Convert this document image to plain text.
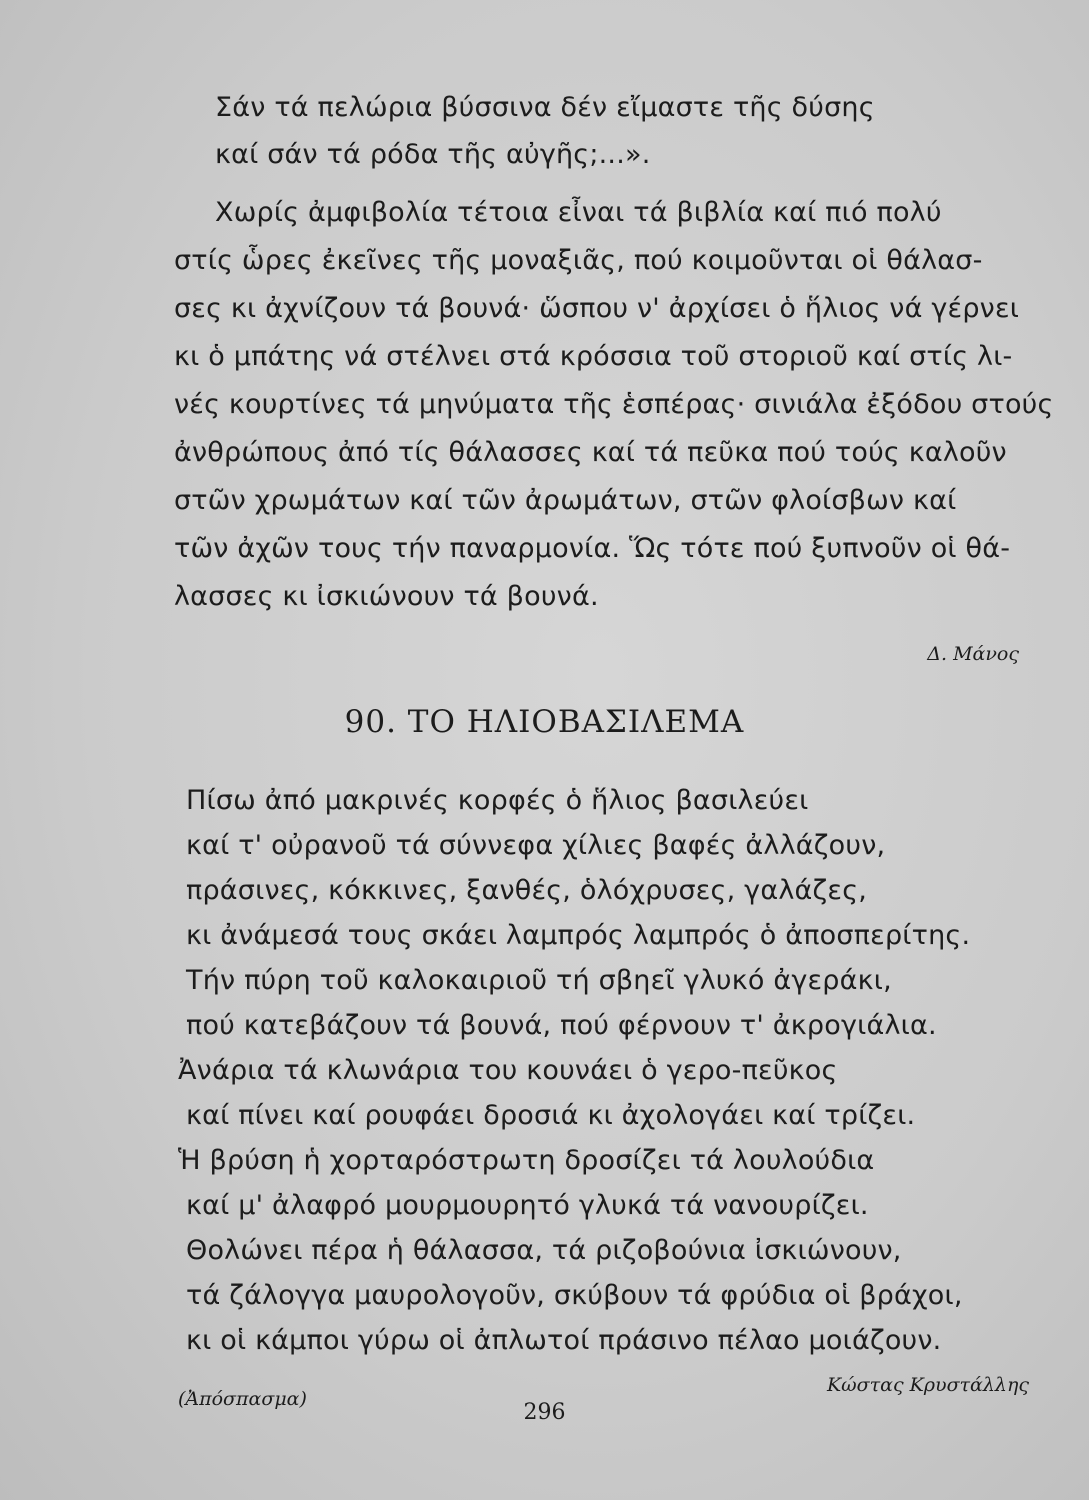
Σάν τά πελώρια βύσσινα δέν εἴμαστε τῆς δύσης
καί σάν τά ρόδα τῆς αὐγῆς;...».
Χωρίς ἀμφιβολία τέτοια εἶναι τά βιβλία καί πιό πολύ
στίς ὧρες ἐκεῖνες τῆς μοναξιᾶς, πού κοιμοῦνται οἱ θάλασ-
σες κι ἀχνίζουν τά βουνά· ὥσπου ν' ἀρχίσει ὁ ἥλιος νά γέρνει
κι ὁ μπάτης νά στέλνει στά κρόσσια τοῦ στοριοῦ καί στίς λι-
νές κουρτίνες τά μηνύματα τῆς ἑσπέρας· σινιάλα ἐξόδου στούς
ἀνθρώπους ἀπό τίς θάλασσες καί τά πεῦκα πού τούς καλοῦν
στῶν χρωμάτων καί τῶν ἀρωμάτων, στῶν φλοίσβων καί
τῶν ἀχῶν τους τήν παναρμονία. Ὥς τότε πού ξυπνοῦν οἱ θά-
λασσες κι ἰσκιώνουν τά βουνά.
Δ. Μάνος
90. ΤΟ ΗΛΙΟΒΑΣΙΛΕΜΑ
Πίσω ἀπό μακρινές κορφές ὁ ἥλιος βασιλεύει
καί τ' οὐρανοῦ τά σύννεφα χίλιες βαφές ἀλλάζουν,
πράσινες, κόκκινες, ξανθές, ὁλόχρυσες, γαλάζες,
κι ἀνάμεσά τους σκάει λαμπρός λαμπρός ὁ ἀποσπερίτης.
Τήν πύρη τοῦ καλοκαιριοῦ τή σβηεῖ γλυκό ἀγεράκι,
πού κατεβάζουν τά βουνά, πού φέρνουν τ' ἀκρογιάλια.
Ἀνάρια τά κλωνάρια του κουνάει ὁ γερο-πεῦκος
καί πίνει καί ρουφάει δροσιά κι ἀχολογάει καί τρίζει.
Ἡ βρύση ἡ χορταρόστρωτη δροσίζει τά λουλούδια
καί μ' ἀλαφρό μουρμουρητό γλυκά τά νανουρίζει.
Θολώνει πέρα ἡ θάλασσα, τά ριζοβούνια ἰσκιώνουν,
τά ζάλογγα μαυρολογοῦν, σκύβουν τά φρύδια οἱ βράχοι,
κι οἱ κάμποι γύρω οἱ ἀπλωτοί πράσινο πέλαο μοιάζουν.
(Ἀπόσπασμα)
Κώστας Κρυστάλλης
296
